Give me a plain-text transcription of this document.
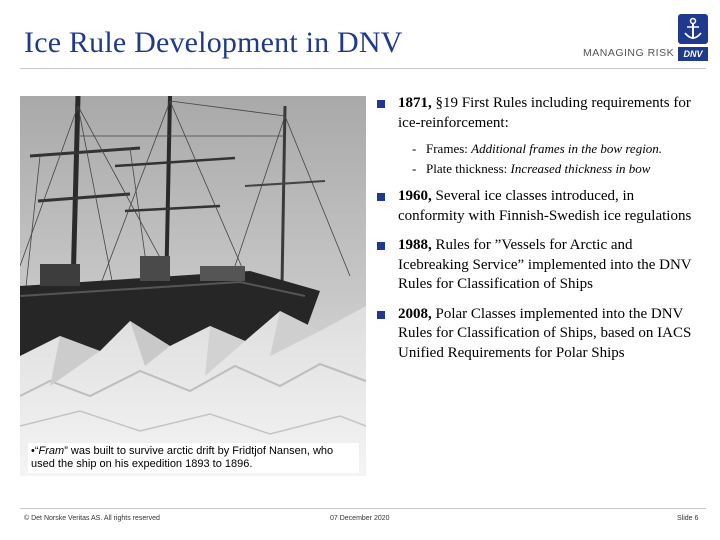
Ice Rule Development in DNV	MANAGING RISK	DNV
•“Fram” was built to survive arctic drift by Fridtjof Nansen, who used the ship on his expedition 1893 to 1896.
1871, §19 First Rules including requirements for ice-reinforcement:
- Frames: Additional frames in the bow region.
- Plate thickness: Increased thickness in bow
1960, Several ice classes introduced, in conformity with Finnish-Swedish ice regulations
1988, Rules for ”Vessels for Arctic and Icebreaking Service” implemented into the DNV Rules for Classification of Ships
2008, Polar Classes implemented into the DNV Rules for Classification of Ships, based on IACS Unified Requirements for Polar Ships
© Det Norske Veritas AS. All rights reserved	07 December 2020	Slide 6
